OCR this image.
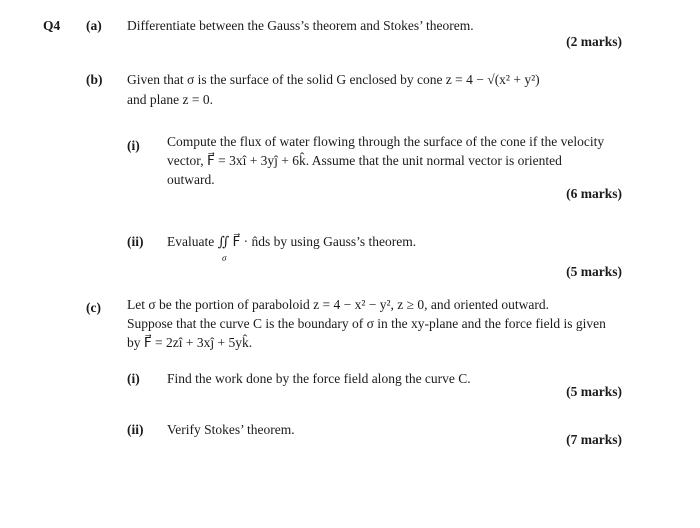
Q4 (a) Differentiate between the Gauss’s theorem and Stokes’ theorem.
(2 marks)
(b) Given that σ is the surface of the solid G enclosed by cone z = 4 − √(x² + y²)
and plane z = 0.
(i) Compute the flux of water flowing through the surface of the cone if the velocity
vector, F⃗ = 3xî + 3yĵ + 6k̂. Assume that the unit normal vector is oriented
outward.
(6 marks)
(ii) Evaluate ∬ F⃗ · n̂ds by using Gauss’s theorem.
σ
(5 marks)
(c) Let σ be the portion of paraboloid z = 4 − x² − y², z ≥ 0, and oriented outward.
Suppose that the curve C is the boundary of σ in the xy-plane and the force field is given
by F⃗ = 2zî + 3xĵ + 5yk̂.
(i) Find the work done by the force field along the curve C.
(5 marks)
(ii) Verify Stokes’ theorem.
(7 marks)
